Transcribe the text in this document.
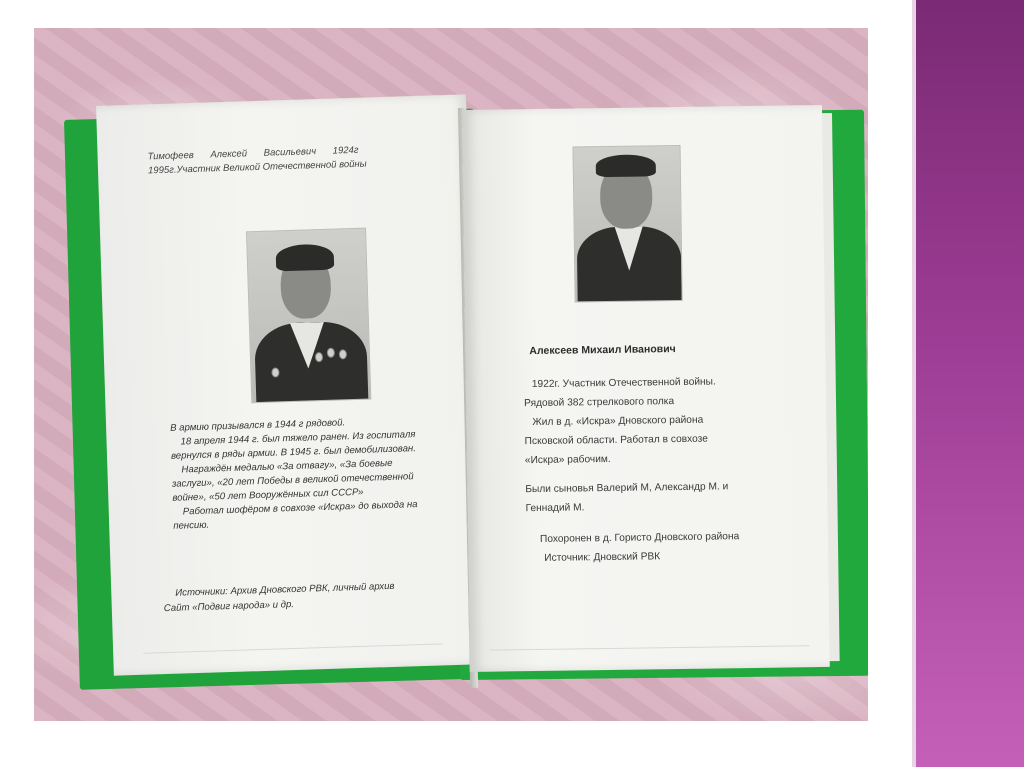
Тимофеев Алексей Васильевич 1924г

1995г.Участник Великой Отечественной войны

В армию призывался в 1944 г рядовой.

18 апреля 1944 г. был тяжело ранен. Из госпиталя

вернулся в ряды армии. В 1945 г. был демобилизован.

Награждён медалью «За отвагу», «За боевые

заслуги», «20 лет Победы в великой отечественной

войне», «50 лет Вооружённых сил СССР»

Работал шофёром в совхозе «Искра» до выхода на

пенсию.

Источники: Архив Дновского РВК, личный архив

Сайт «Подвиг народа» и др.

Алексеев Михаил Иванович

1922г. Участник Отечественной войны.

Рядовой 382 стрелкового полка

Жил в д. «Искра» Дновского района

Псковской области. Работал в совхозе

«Искра» рабочим.

Были сыновья Валерий М, Александр М. и

Геннадий М.

Похоронен в д. Гористо Дновского района

Источник: Дновский РВК
